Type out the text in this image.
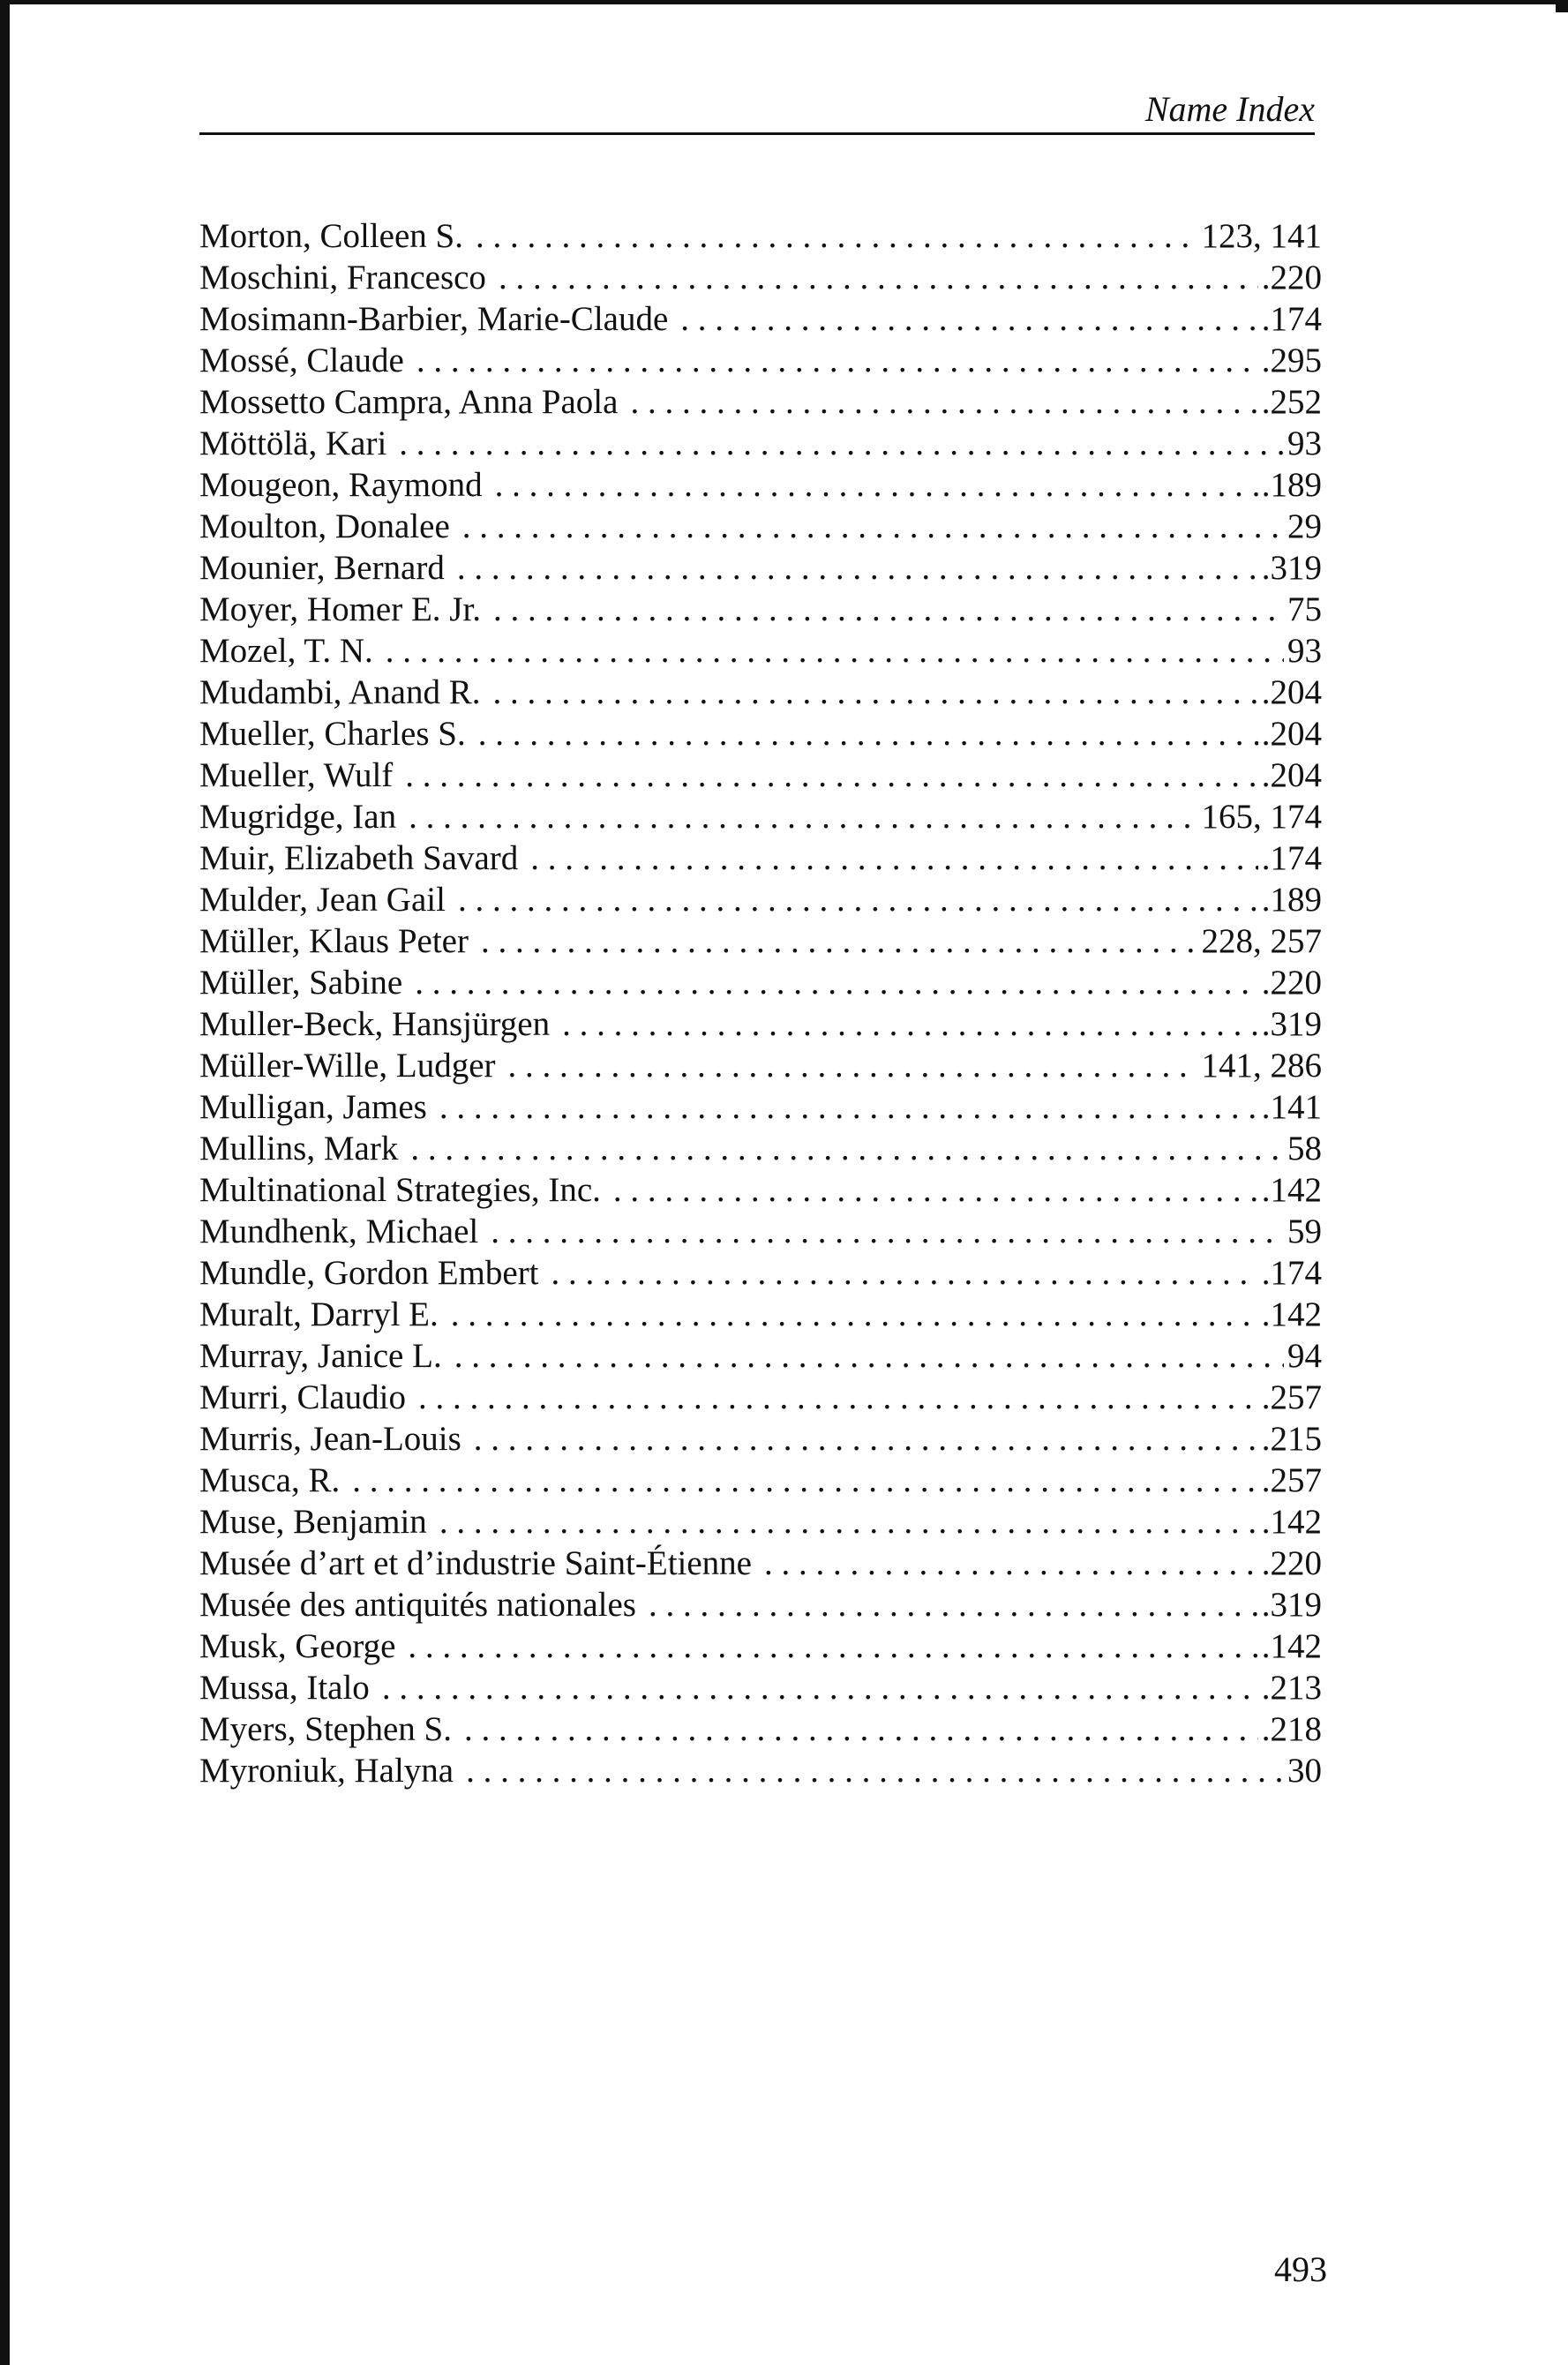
Name Index
Morton, Colleen S. . . .	123, 141
Moschini, Francesco . . .	.220
Mosimann-Barbier, Marie-Claude . . .	.174
Mossé, Claude . . .	.295
Mossetto Campra, Anna Paola . . .	.252
Möttölä, Kari . . .	93
Mougeon, Raymond . . .	.189
Moulton, Donalee . . .	29
Mounier, Bernard . . .	.319
Moyer, Homer E. Jr. . . .	75
Mozel, T. N. . . .	93
Mudambi, Anand R. . . .	.204
Mueller, Charles S. . . .	.204
Mueller, Wulf . . .	.204
Mugridge, Ian . . .	165, 174
Muir, Elizabeth Savard . . .	.174
Mulder, Jean Gail . . .	.189
Müller, Klaus Peter . . .	228, 257
Müller, Sabine . . .	.220
Muller-Beck, Hansjürgen . . .	.319
Müller-Wille, Ludger . . .	141, 286
Mulligan, James . . .	.141
Mullins, Mark . . .	58
Multinational Strategies, Inc. . . .	.142
Mundhenk, Michael . . .	59
Mundle, Gordon Embert . . .	.174
Muralt, Darryl E. . . .	.142
Murray, Janice L. . . .	94
Murri, Claudio . . .	.257
Murris, Jean-Louis . . .	.215
Musca, R. . . .	.257
Muse, Benjamin . . .	.142
Musée d’art et d’industrie Saint-Étienne . . .	.220
Musée des antiquités nationales . . .	.319
Musk, George . . .	.142
Mussa, Italo . . .	.213
Myers, Stephen S. . . .	.218
Myroniuk, Halyna . . .	30
493
